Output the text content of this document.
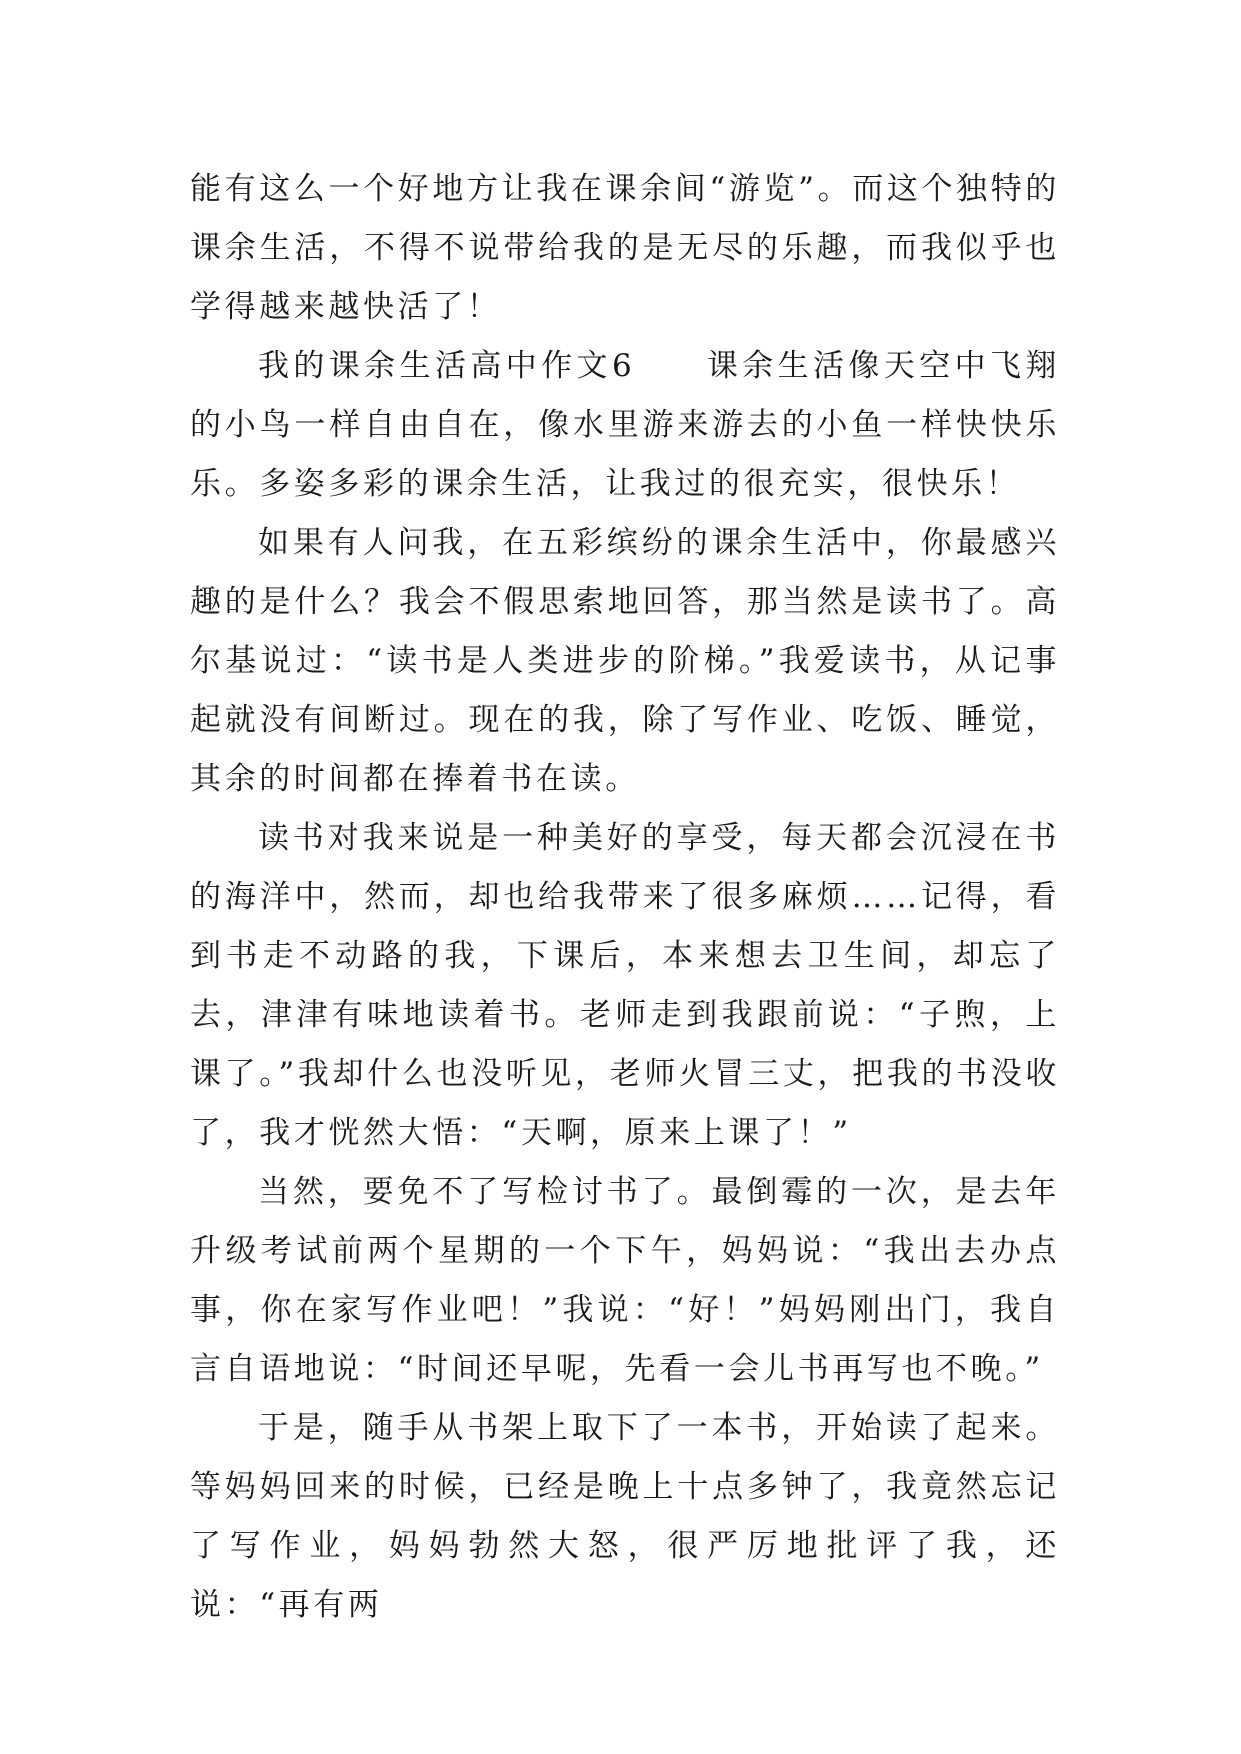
能有这么一个好地方让我在课余间“游览”。而这个独特的课余生活，不得不说带给我的是无尽的乐趣，而我似乎也学得越来越快活了！

我的课余生活高中作文6　　课余生活像天空中飞翔的小鸟一样自由自在，像水里游来游去的小鱼一样快快乐乐。多姿多彩的课余生活，让我过的很充实，很快乐！

如果有人问我，在五彩缤纷的课余生活中，你最感兴趣的是什么？我会不假思索地回答，那当然是读书了。高尔基说过：“读书是人类进步的阶梯。”我爱读书，从记事起就没有间断过。现在的我，除了写作业、吃饭、睡觉，其余的时间都在捧着书在读。

读书对我来说是一种美好的享受，每天都会沉浸在书的海洋中，然而，却也给我带来了很多麻烦……记得，看到书走不动路的我，下课后，本来想去卫生间，却忘了去，津津有味地读着书。老师走到我跟前说：“子煦，上课了。”我却什么也没听见，老师火冒三丈，把我的书没收了，我才恍然大悟：“天啊，原来上课了！”

当然，要免不了写检讨书了。最倒霉的一次，是去年升级考试前两个星期的一个下午，妈妈说：“我出去办点事，你在家写作业吧！”我说：“好！”妈妈刚出门，我自言自语地说：“时间还早呢，先看一会儿书再写也不晚。”

于是，随手从书架上取下了一本书，开始读了起来。等妈妈回来的时候，已经是晚上十点多钟了，我竟然忘记了写作业，妈妈勃然大怒，很严厉地批评了我，还说：“再有两
